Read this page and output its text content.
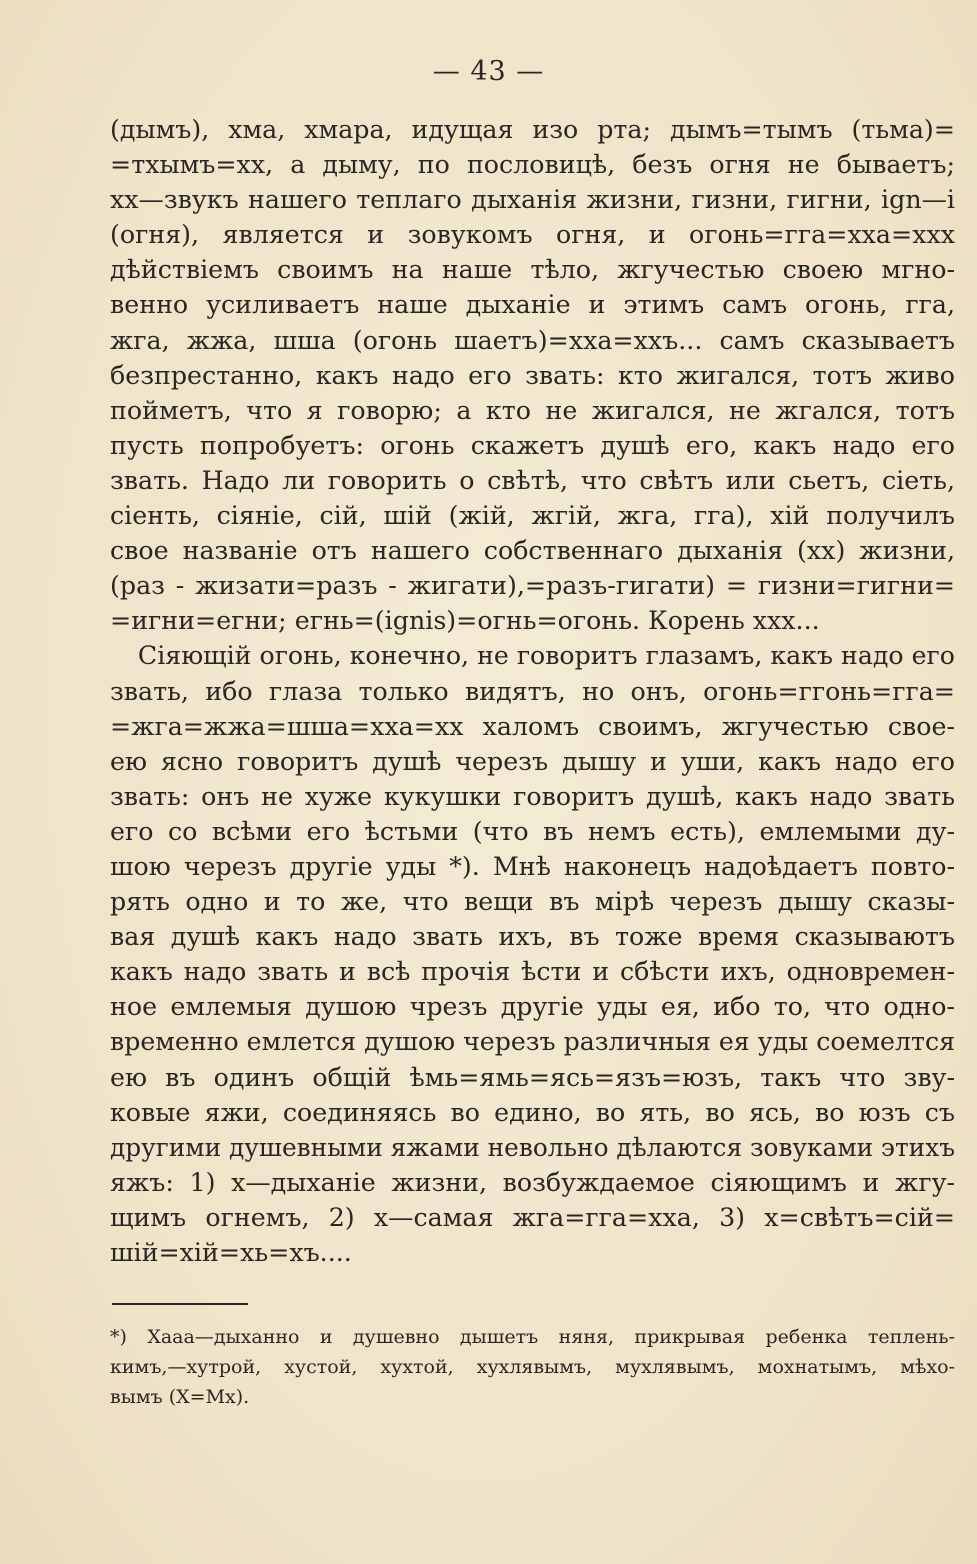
— 43 —
(дымъ), хма, хмара, идущая изо рта; дымъ=тымъ (тьма)=
=тхымъ=хх, а дыму, по пословицѣ, безъ огня не бываетъ;
хх—звукъ нашего теплаго дыханія жизни, гизни, гигни, ign—i
(огня), является и зовукомъ огня, и огонь=гга=хха=ххх
дѣйствіемъ своимъ на наше тѣло, жгучестью своею мгно-
венно усиливаетъ наше дыханіе и этимъ самъ огонь, гга,
жга, жжа, шша (огонь шаетъ)=хха=ххъ... самъ сказываетъ
безпрестанно, какъ надо его звать: кто жигался, тотъ живо
пойметъ, что я говорю; а кто не жигался, не жгался, тотъ
пусть попробуетъ: огонь скажетъ душѣ его, какъ надо его
звать. Надо ли говорить о свѣтѣ, что свѣтъ или сьетъ, сіеть,
сіенть, сіяніе, сій, шій (жій, жгій, жга, гга), хій получилъ
свое названіе отъ нашего собственнаго дыханія (хх) жизни,
(раз - жизати=разъ - жигати),=разъ-гигати) = гизни=гигни=
=игни=егни; егнь=(ignis)=огнь=огонь. Корень ххх...
Сіяющій огонь, конечно, не говоритъ глазамъ, какъ надо его
звать, ибо глаза только видятъ, но онъ, огонь=ггонь=гга=
=жга=жжа=шша=хха=хх халомъ своимъ, жгучестью свое-
ею ясно говоритъ душѣ черезъ дышу и уши, какъ надо его
звать: онъ не хуже кукушки говоритъ душѣ, какъ надо звать
его со всѣми его ѣстьми (что въ немъ есть), емлемыми ду-
шою черезъ другіе уды *). Мнѣ наконецъ надоѣдаетъ повто-
рять одно и то же, что вещи въ мірѣ черезъ дышу сказы-
вая душѣ какъ надо звать ихъ, въ тоже время сказываютъ
какъ надо звать и всѣ прочія ѣсти и сбѣсти ихъ, одновремен-
ное емлемыя душою чрезъ другіе уды ея, ибо то, что одно-
временно емлется душою черезъ различныя ея уды соемелтся
ею въ одинъ общій ѣмь=ямь=ясь=язъ=юзъ, такъ что зву-
ковые яжи, соединяясь во едино, во ять, во ясь, во юзъ съ
другими душевными яжами невольно дѣлаются зовуками этихъ
яжъ: 1) х—дыханіе жизни, возбуждаемое сіяющимъ и жгу-
щимъ огнемъ, 2) х—самая жга=гга=хха, 3) х=свѣтъ=сій=
шій=хій=хь=хъ....
*) Хааа—дыханно и душевно дышетъ няня, прикрывая ребенка теплень-
кимъ,—хутрой, хустой, хухтой, хухлявымъ, мухлявымъ, мохнатымъ, мѣхо-
вымъ (Х=Мх).
